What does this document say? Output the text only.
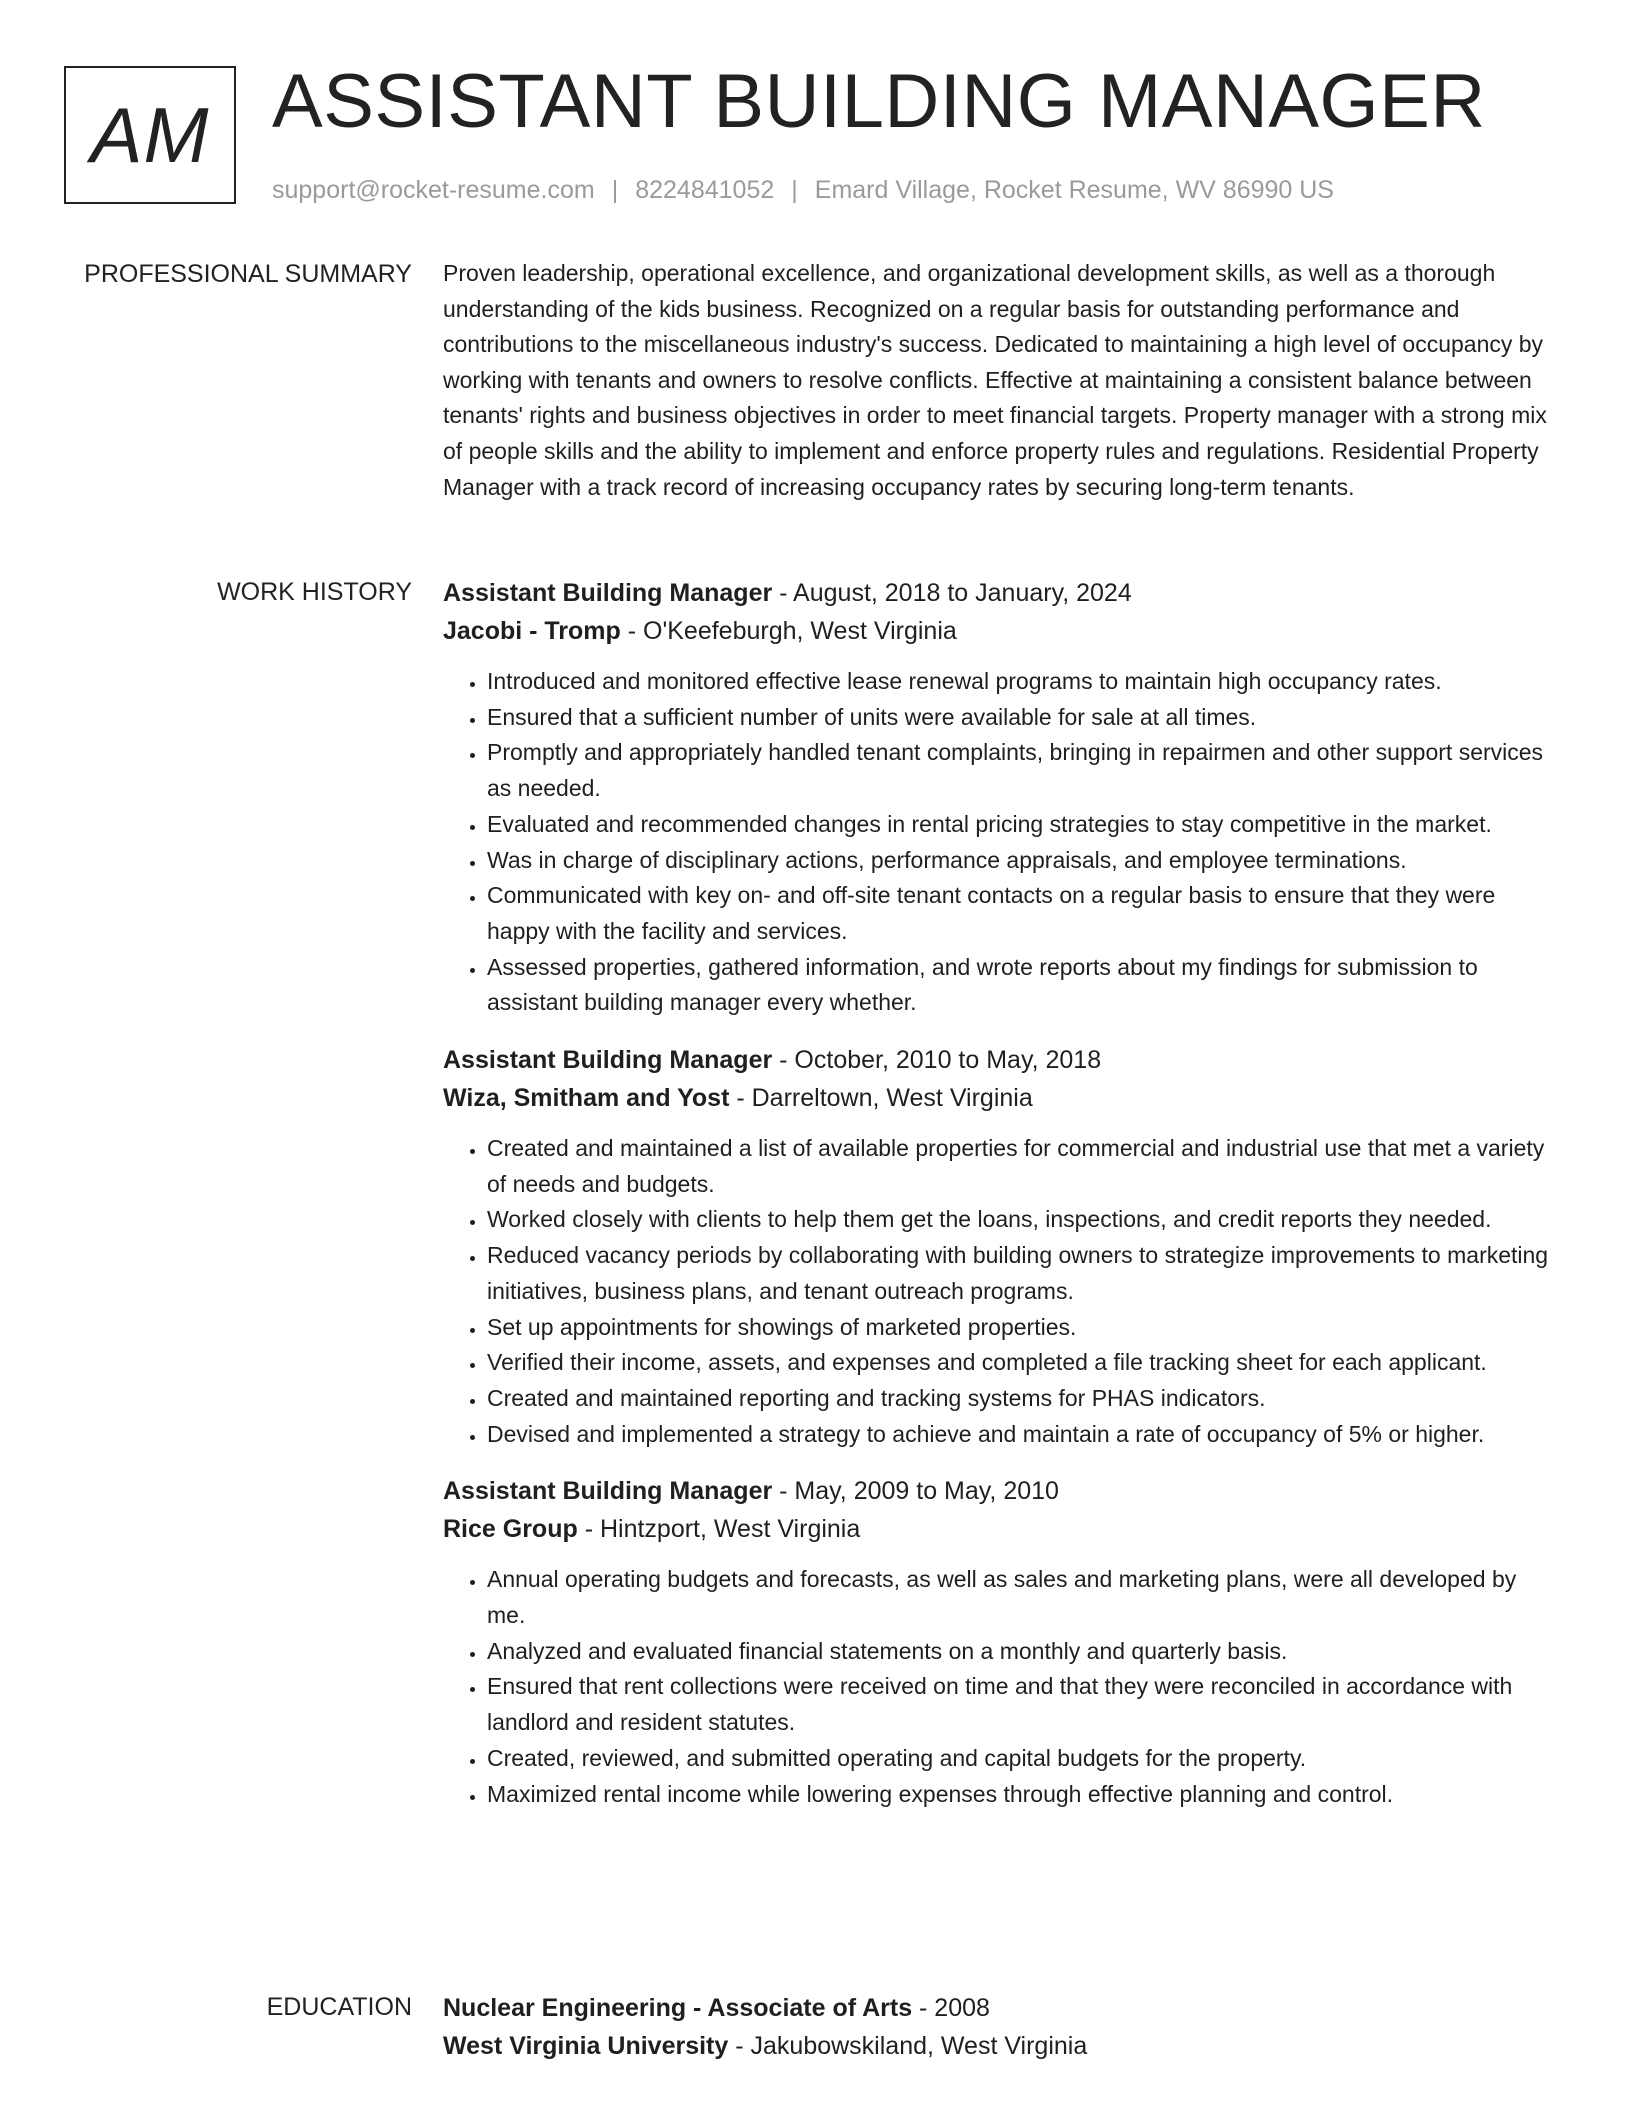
AM ASSISTANT BUILDING MANAGER
support@rocket-resume.com | 8224841052 | Emard Village, Rocket Resume, WV 86990 US
PROFESSIONAL SUMMARY Proven leadership, operational excellence, and organizational development skills, as well as a thorough understanding of the kids business. Recognized on a regular basis for outstanding performance and contributions to the miscellaneous industry's success. Dedicated to maintaining a high level of occupancy by working with tenants and owners to resolve conflicts. Effective at maintaining a consistent balance between tenants' rights and business objectives in order to meet financial targets. Property manager with a strong mix of people skills and the ability to implement and enforce property rules and regulations. Residential Property Manager with a track record of increasing occupancy rates by securing long-term tenants.

WORK HISTORY Assistant Building Manager - August, 2018 to January, 2024
Jacobi - Tromp - O'Keefeburgh, West Virginia
• Introduced and monitored effective lease renewal programs to maintain high occupancy rates.
• Ensured that a sufficient number of units were available for sale at all times.
• Promptly and appropriately handled tenant complaints, bringing in repairmen and other support services as needed.
• Evaluated and recommended changes in rental pricing strategies to stay competitive in the market.
• Was in charge of disciplinary actions, performance appraisals, and employee terminations.
• Communicated with key on- and off-site tenant contacts on a regular basis to ensure that they were happy with the facility and services.
• Assessed properties, gathered information, and wrote reports about my findings for submission to assistant building manager every whether.
Assistant Building Manager - October, 2010 to May, 2018
Wiza, Smitham and Yost - Darreltown, West Virginia
• Created and maintained a list of available properties for commercial and industrial use that met a variety of needs and budgets.
• Worked closely with clients to help them get the loans, inspections, and credit reports they needed.
• Reduced vacancy periods by collaborating with building owners to strategize improvements to marketing initiatives, business plans, and tenant outreach programs.
• Set up appointments for showings of marketed properties.
• Verified their income, assets, and expenses and completed a file tracking sheet for each applicant.
• Created and maintained reporting and tracking systems for PHAS indicators.
• Devised and implemented a strategy to achieve and maintain a rate of occupancy of 5% or higher.
Assistant Building Manager - May, 2009 to May, 2010
Rice Group - Hintzport, West Virginia
• Annual operating budgets and forecasts, as well as sales and marketing plans, were all developed by me.
• Analyzed and evaluated financial statements on a monthly and quarterly basis.
• Ensured that rent collections were received on time and that they were reconciled in accordance with landlord and resident statutes.
• Created, reviewed, and submitted operating and capital budgets for the property.
• Maximized rental income while lowering expenses through effective planning and control.
EDUCATION Nuclear Engineering - Associate of Arts - 2008
West Virginia University - Jakubowskiland, West Virginia
